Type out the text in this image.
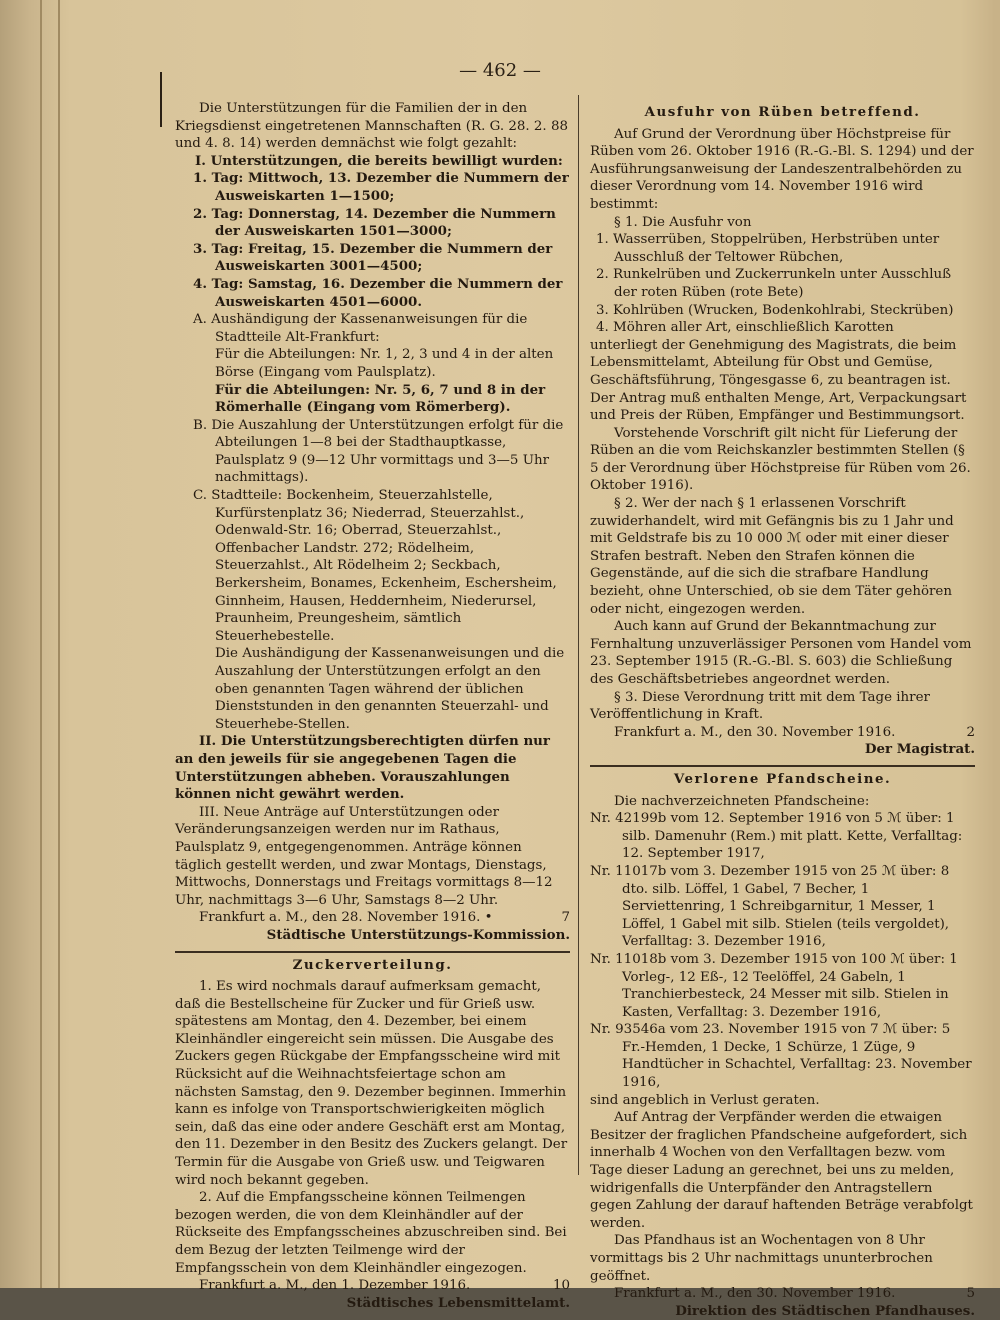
— 462 —

Die Unterstützungen für die Familien der in den Kriegsdienst eingetretenen Mannschaften (R. G. 28. 2. 88 und 4. 8. 14) werden demnächst wie folgt gezahlt:

I. Unterstützungen, die bereits bewilligt wurden:

1. Tag: Mittwoch, 13. Dezember die Nummern der Ausweiskarten 1—1500;

2. Tag: Donnerstag, 14. Dezember die Nummern der Ausweiskarten 1501—3000;

3. Tag: Freitag, 15. Dezember die Nummern der Ausweiskarten 3001—4500;

4. Tag: Samstag, 16. Dezember die Nummern der Ausweiskarten 4501—6000.

A. Aushändigung der Kassenanweisungen für die Stadtteile Alt-Frankfurt:

Für die Abteilungen: Nr. 1, 2, 3 und 4 in der alten Börse (Eingang vom Paulsplatz).

Für die Abteilungen: Nr. 5, 6, 7 und 8 in der Römerhalle (Eingang vom Römerberg).

B. Die Auszahlung der Unterstützungen erfolgt für die Abteilungen 1—8 bei der Stadthauptkasse, Paulsplatz 9 (9—12 Uhr vormittags und 3—5 Uhr nachmittags).

C. Stadtteile: Bockenheim, Steuerzahlstelle, Kurfürstenplatz 36; Niederrad, Steuerzahlst., Odenwald-Str. 16; Oberrad, Steuerzahlst., Offenbacher Landstr. 272; Rödelheim, Steuerzahlst., Alt Rödelheim 2; Seckbach, Berkersheim, Bonames, Eckenheim, Eschersheim, Ginnheim, Hausen, Heddernheim, Niederursel, Praunheim, Preungesheim, sämtlich Steuerhebestelle.

Die Aushändigung der Kassenanweisungen und die Auszahlung der Unterstützungen erfolgt an den oben genannten Tagen während der üblichen Dienststunden in den genannten Steuerzahl- und Steuerhebe-Stellen.

II. Die Unterstützungsberechtigten dürfen nur an den jeweils für sie angegebenen Tagen die Unterstützungen abheben. Vorauszahlungen können nicht gewährt werden.

III. Neue Anträge auf Unterstützungen oder Veränderungsanzeigen werden nur im Rathaus, Paulsplatz 9, entgegengenommen. Anträge können täglich gestellt werden, und zwar Montags, Dienstags, Mittwochs, Donnerstags und Freitags vormittags 8—12 Uhr, nachmittags 3—6 Uhr, Samstags 8—2 Uhr.

Frankfurt a. M., den 28. November 1916. •	7

Städtische Unterstützungs-Kommission.

Zuckerverteilung.

1. Es wird nochmals darauf aufmerksam gemacht, daß die Bestellscheine für Zucker und für Grieß usw. spätestens am Montag, den 4. Dezember, bei einem Kleinhändler eingereicht sein müssen. Die Ausgabe des Zuckers gegen Rückgabe der Empfangsscheine wird mit Rücksicht auf die Weihnachtsfeiertage schon am nächsten Samstag, den 9. Dezember beginnen. Immerhin kann es infolge von Transportschwierigkeiten möglich sein, daß das eine oder andere Geschäft erst am Montag, den 11. Dezember in den Besitz des Zuckers gelangt. Der Termin für die Ausgabe von Grieß usw. und Teigwaren wird noch bekannt gegeben.

2. Auf die Empfangsscheine können Teilmengen bezogen werden, die von dem Kleinhändler auf der Rückseite des Empfangsscheines abzuschreiben sind. Bei dem Bezug der letzten Teilmenge wird der Empfangsschein von dem Kleinhändler eingezogen.

Frankfurt a. M., den 1. Dezember 1916.	10

Städtisches Lebensmittelamt.

Ausfuhr von Rüben betreffend.

Auf Grund der Verordnung über Höchstpreise für Rüben vom 26. Oktober 1916 (R.-G.-Bl. S. 1294) und der Ausführungsanweisung der Landeszentralbehörden zu dieser Verordnung vom 14. November 1916 wird bestimmt:

§ 1. Die Ausfuhr von

1. Wasserrüben, Stoppelrüben, Herbstrüben unter Ausschluß der Teltower Rübchen,

2. Runkelrüben und Zuckerrunkeln unter Ausschluß der roten Rüben (rote Bete)

3. Kohlrüben (Wrucken, Bodenkohlrabi, Steckrüben)

4. Möhren aller Art, einschließlich Karotten

unterliegt der Genehmigung des Magistrats, die beim Lebensmittelamt, Abteilung für Obst und Gemüse, Geschäftsführung, Töngesgasse 6, zu beantragen ist. Der Antrag muß enthalten Menge, Art, Verpackungsart und Preis der Rüben, Empfänger und Bestimmungsort.

Vorstehende Vorschrift gilt nicht für Lieferung der Rüben an die vom Reichskanzler bestimmten Stellen (§ 5 der Verordnung über Höchstpreise für Rüben vom 26. Oktober 1916).

§ 2. Wer der nach § 1 erlassenen Vorschrift zuwiderhandelt, wird mit Gefängnis bis zu 1 Jahr und mit Geldstrafe bis zu 10 000 ℳ oder mit einer dieser Strafen bestraft. Neben den Strafen können die Gegenstände, auf die sich die strafbare Handlung bezieht, ohne Unterschied, ob sie dem Täter gehören oder nicht, eingezogen werden.

Auch kann auf Grund der Bekanntmachung zur Fernhaltung unzuverlässiger Personen vom Handel vom 23. September 1915 (R.-G.-Bl. S. 603) die Schließung des Geschäftsbetriebes angeordnet werden.

§ 3. Diese Verordnung tritt mit dem Tage ihrer Veröffentlichung in Kraft.

Frankfurt a. M., den 30. November 1916.	2

Der Magistrat.

Verlorene Pfandscheine.

Die nachverzeichneten Pfandscheine:

Nr. 42199b vom 12. September 1916 von 5 ℳ über: 1 silb. Damenuhr (Rem.) mit platt. Kette, Verfalltag: 12. September 1917,

Nr. 11017b vom 3. Dezember 1915 von 25 ℳ über: 8 dto. silb. Löffel, 1 Gabel, 7 Becher, 1 Serviettenring, 1 Schreibgarnitur, 1 Messer, 1 Löffel, 1 Gabel mit silb. Stielen (teils vergoldet), Verfalltag: 3. Dezember 1916,

Nr. 11018b vom 3. Dezember 1915 von 100 ℳ über: 1 Vorleg-, 12 Eß-, 12 Teelöffel, 24 Gabeln, 1 Tranchierbesteck, 24 Messer mit silb. Stielen in Kasten, Verfalltag: 3. Dezember 1916,

Nr. 93546a vom 23. November 1915 von 7 ℳ über: 5 Fr.-Hemden, 1 Decke, 1 Schürze, 1 Züge, 9 Handtücher in Schachtel, Verfalltag: 23. November 1916,

sind angeblich in Verlust geraten.

Auf Antrag der Verpfänder werden die etwaigen Besitzer der fraglichen Pfandscheine aufgefordert, sich innerhalb 4 Wochen von den Verfalltagen bezw. vom Tage dieser Ladung an gerechnet, bei uns zu melden, widrigenfalls die Unterpfänder den Antragstellern gegen Zahlung der darauf haftenden Beträge verabfolgt werden.

Das Pfandhaus ist an Wochentagen von 8 Uhr vormittags bis 2 Uhr nachmittags ununterbrochen geöffnet.

Frankfurt a. M., den 30. November 1916.	5

Direktion des Städtischen Pfandhauses.
